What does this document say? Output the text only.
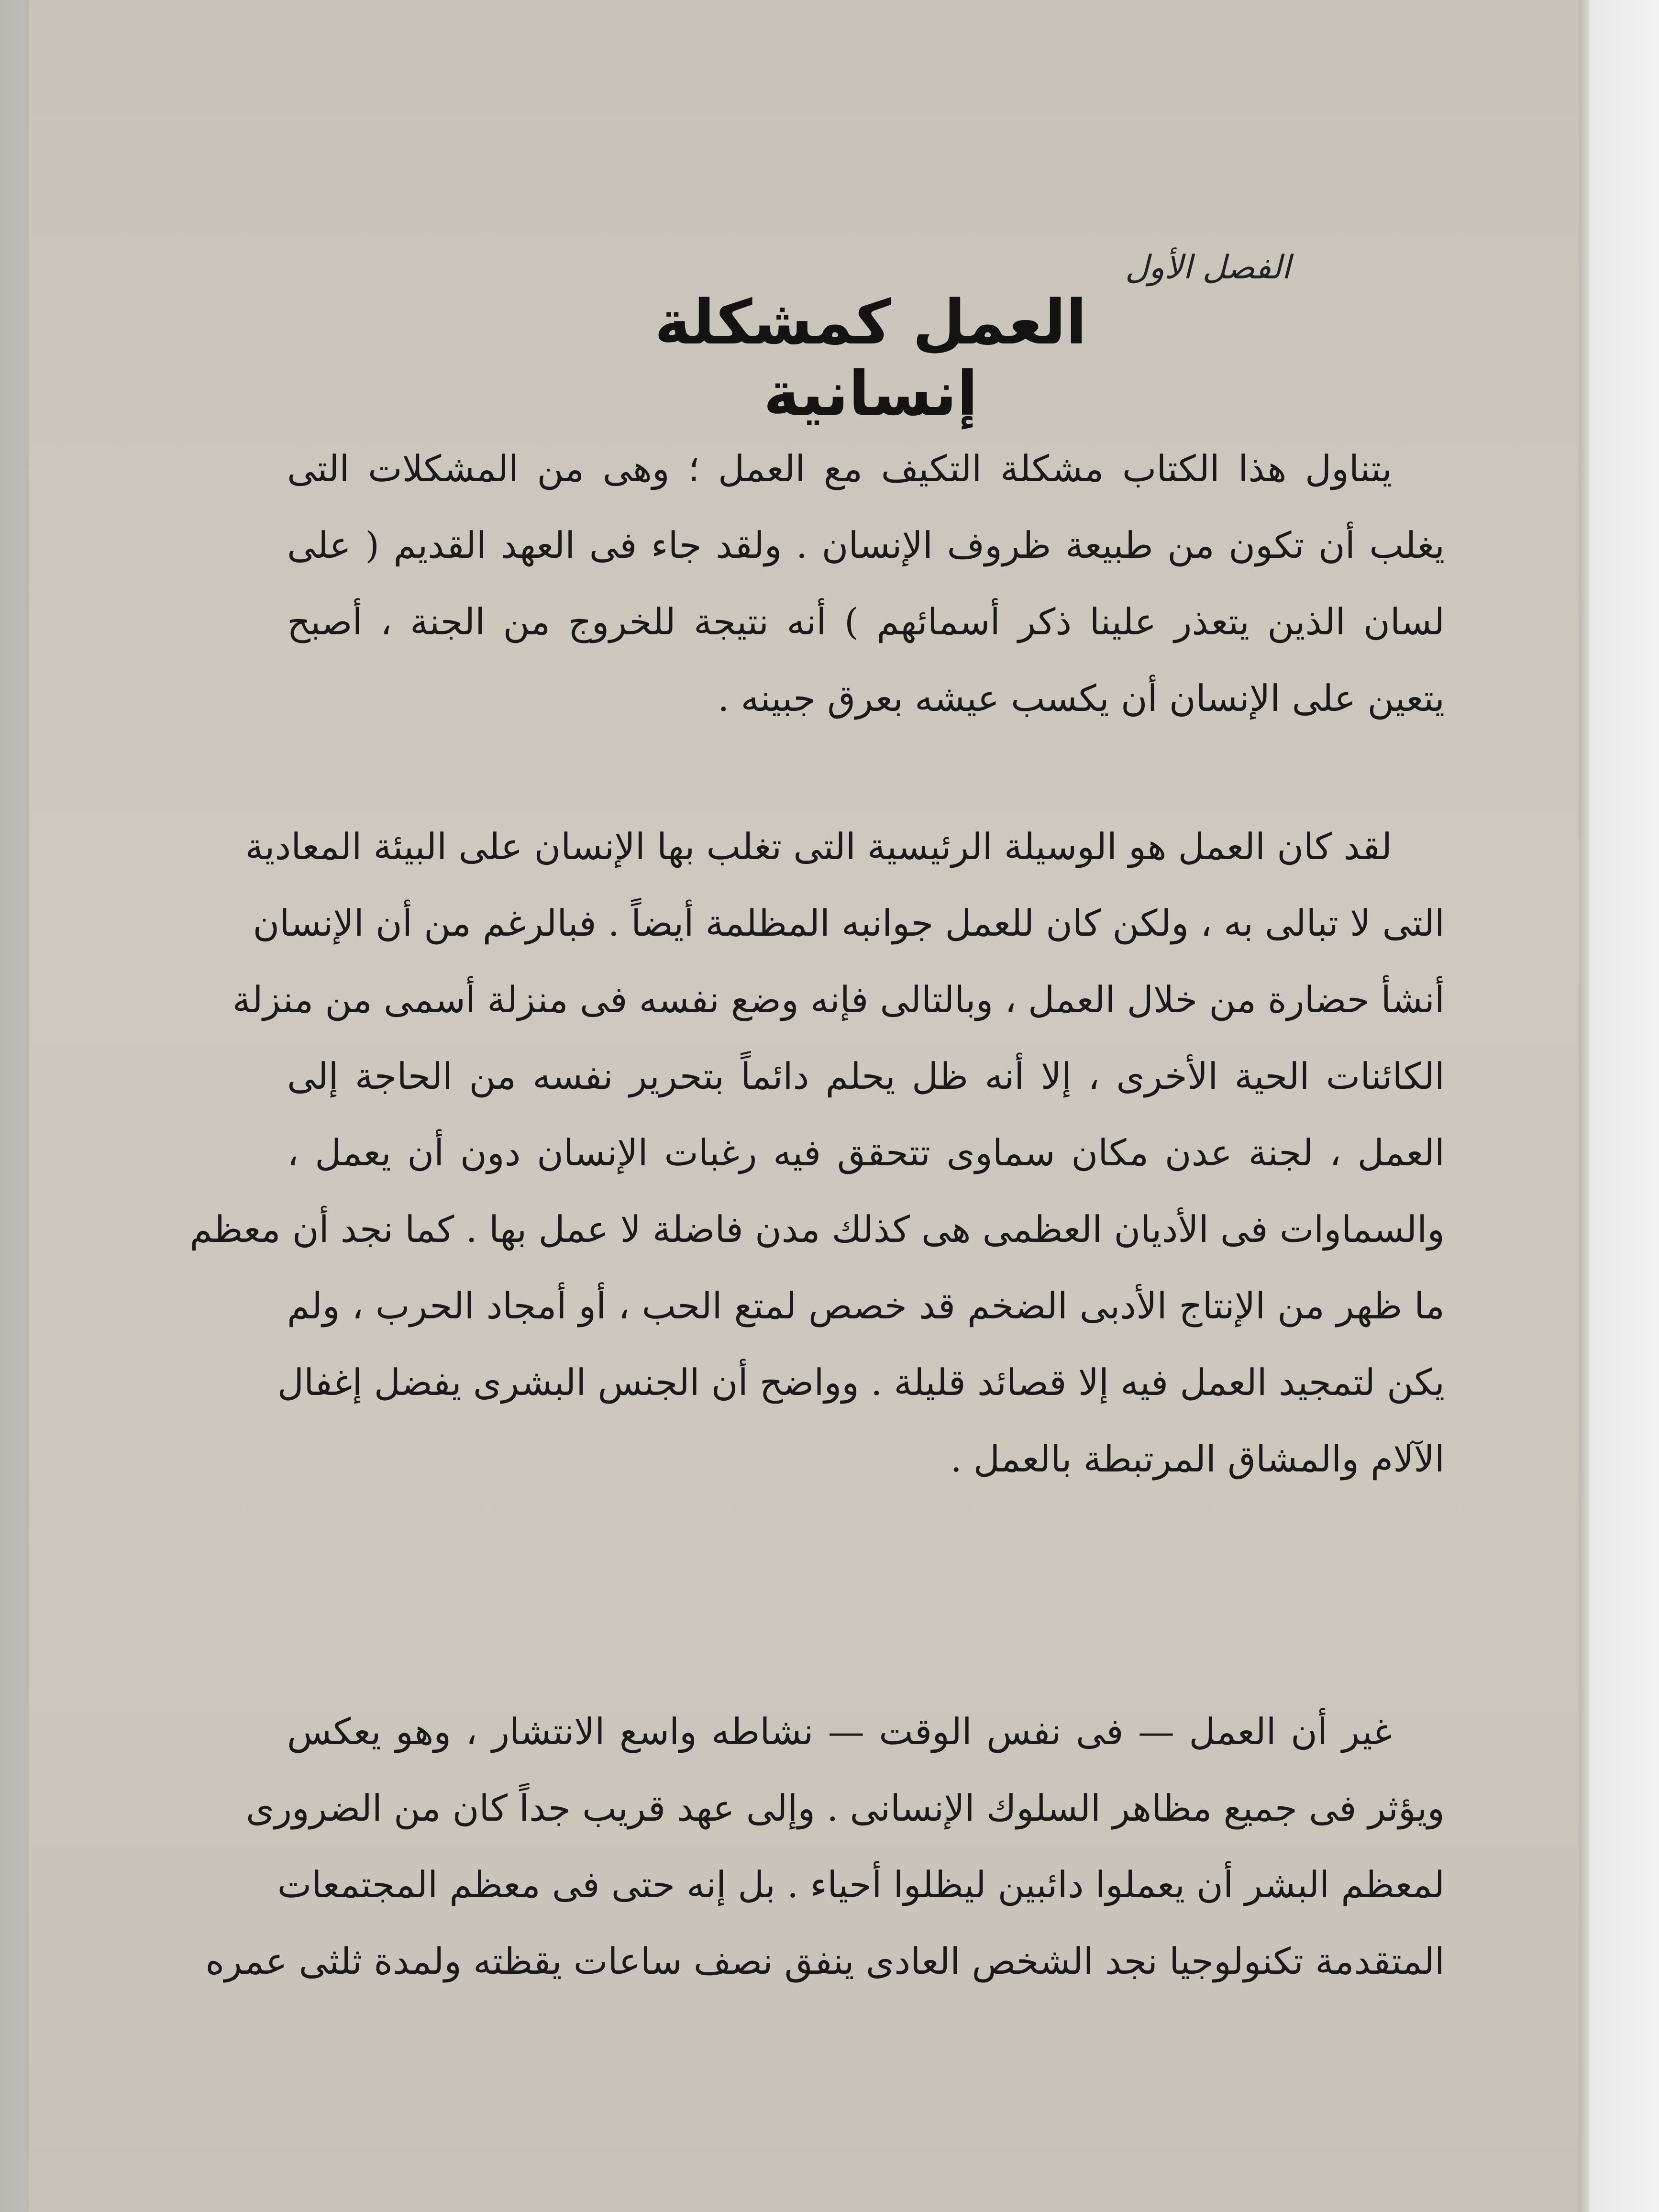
الفصل الأول
العمل كمشكلة إنسانية
يتناول هذا الكتاب مشكلة التكيف مع العمل ؛ وهى من المشكلات التى
يغلب أن تكون من طبيعة ظروف الإنسان . ولقد جاء فى العهد القديم ( على
لسان الذين يتعذر علينا ذكر أسمائهم ) أنه نتيجة للخروج من الجنة ، أصبح
يتعين على الإنسان أن يكسب عيشه بعرق جبينه .
لقد كان العمل هو الوسيلة الرئيسية التى تغلب بها الإنسان على البيئة المعادية
التى لا تبالى به ، ولكن كان للعمل جوانبه المظلمة أيضاً . فبالرغم من أن الإنسان
أنشأ حضارة من خلال العمل ، وبالتالى فإنه وضع نفسه فى منزلة أسمى من منزلة
الكائنات الحية الأخرى ، إلا أنه ظل يحلم دائماً بتحرير نفسه من الحاجة إلى
العمل ، لجنة عدن مكان سماوى تتحقق فيه رغبات الإنسان دون أن يعمل ،
والسماوات فى الأديان العظمى هى كذلك مدن فاضلة لا عمل بها . كما نجد أن معظم
ما ظهر من الإنتاج الأدبى الضخم قد خصص لمتع الحب ، أو أمجاد الحرب ، ولم
يكن لتمجيد العمل فيه إلا قصائد قليلة . وواضح أن الجنس البشرى يفضل إغفال
الآلام والمشاق المرتبطة بالعمل .
غير أن العمل — فى نفس الوقت — نشاطه واسع الانتشار ، وهو يعكس
ويؤثر فى جميع مظاهر السلوك الإنسانى . وإلى عهد قريب جداً كان من الضرورى
لمعظم البشر أن يعملوا دائبين ليظلوا أحياء . بل إنه حتى فى معظم المجتمعات
المتقدمة تكنولوجيا نجد الشخص العادى ينفق نصف ساعات يقظته ولمدة ثلثى عمره
